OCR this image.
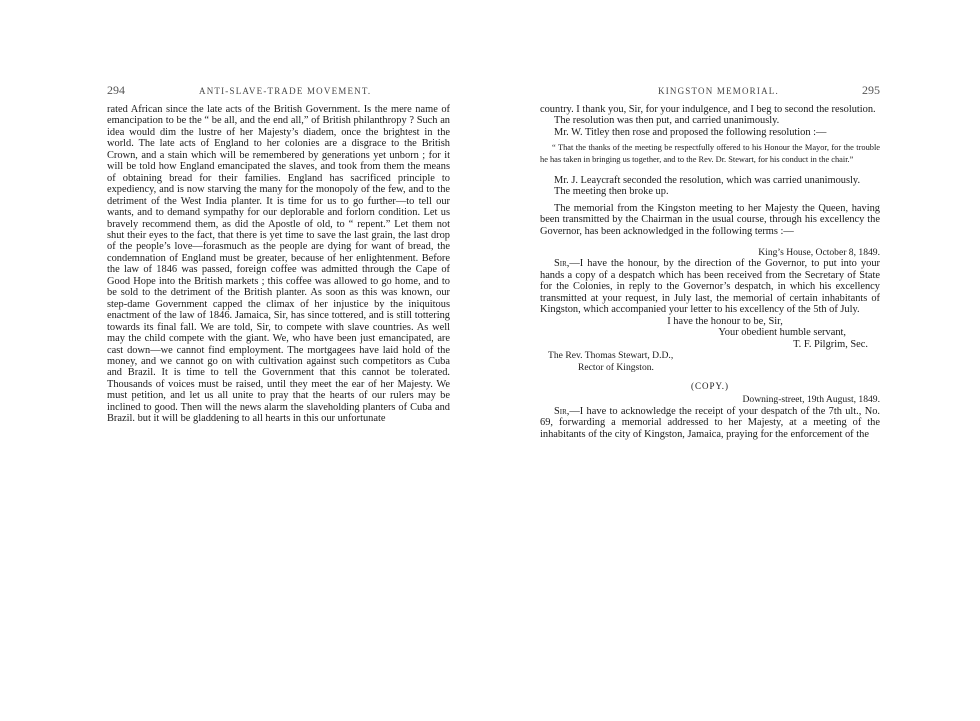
294	ANTI-SLAVE-TRADE MOVEMENT.

rated African since the late acts of the British Government. Is the mere name of emancipation to be the “ be all, and the end all,” of British philanthropy ? Such an idea would dim the lustre of her Majesty’s diadem, once the brightest in the world. The late acts of England to her colonies are a disgrace to the British Crown, and a stain which will be remembered by generations yet unborn ; for it will be told how England emancipated the slaves, and took from them the means of obtaining bread for their families. England has sacrificed principle to expediency, and is now starving the many for the monopoly of the few, and to the detriment of the West India planter. It is time for us to go further—to tell our wants, and to demand sympathy for our deplorable and forlorn condition. Let us bravely recommend them, as did the Apostle of old, to “ repent.” Let them not shut their eyes to the fact, that there is yet time to save the last grain, the last drop of the people’s love—forasmuch as the people are dying for want of bread, the condemnation of England must be greater, because of her enlightenment. Before the law of 1846 was passed, foreign coffee was admitted through the Cape of Good Hope into the British markets ; this coffee was allowed to go home, and to be sold to the detriment of the British planter. As soon as this was known, our step-dame Government capped the climax of her injustice by the iniquitous enactment of the law of 1846. Jamaica, Sir, has since tottered, and is still tottering towards its final fall. We are told, Sir, to compete with slave countries. As well may the child compete with the giant. We, who have been just emancipated, are cast down—we cannot find employment. The mortgagees have laid hold of the money, and we cannot go on with cultivation against such competitors as Cuba and Brazil. It is time to tell the Government that this cannot be tolerated. Thousands of voices must be raised, until they meet the ear of her Majesty. We must petition, and let us all unite to pray that the hearts of our rulers may be inclined to good. Then will the news alarm the slaveholding planters of Cuba and Brazil. but it will be gladdening to all hearts in this our unfortunate

KINGSTON MEMORIAL.	295

country. I thank you, Sir, for your indulgence, and I beg to second the resolution.

The resolution was then put, and carried unanimously.

Mr. W. Titley then rose and proposed the following resolution :—

“ That the thanks of the meeting be respectfully offered to his Honour the Mayor, for the trouble he has taken in bringing us together, and to the Rev. Dr. Stewart, for his conduct in the chair.”

Mr. J. Leaycraft seconded the resolution, which was carried unanimously.

The meeting then broke up.

The memorial from the Kingston meeting to her Majesty the Queen, having been transmitted by the Chairman in the usual course, through his excellency the Governor, has been acknowledged in the following terms :—

King’s House, October 8, 1849.

Sir,—I have the honour, by the direction of the Governor, to put into your hands a copy of a despatch which has been received from the Secretary of State for the Colonies, in reply to the Governor’s despatch, in which his excellency transmitted at your request, in July last, the memorial of certain inhabitants of Kingston, which accompanied your letter to his excellency of the 5th of July.

I have the honour to be, Sir,

Your obedient humble servant,

T. F. Pilgrim, Sec.

The Rev. Thomas Stewart, D.D.,

Rector of Kingston.

(COPY.)

Downing-street, 19th August, 1849.

Sir,—I have to acknowledge the receipt of your despatch of the 7th ult., No. 69, forwarding a memorial addressed to her Majesty, at a meeting of the inhabitants of the city of Kingston, Jamaica, praying for the enforcement of the
